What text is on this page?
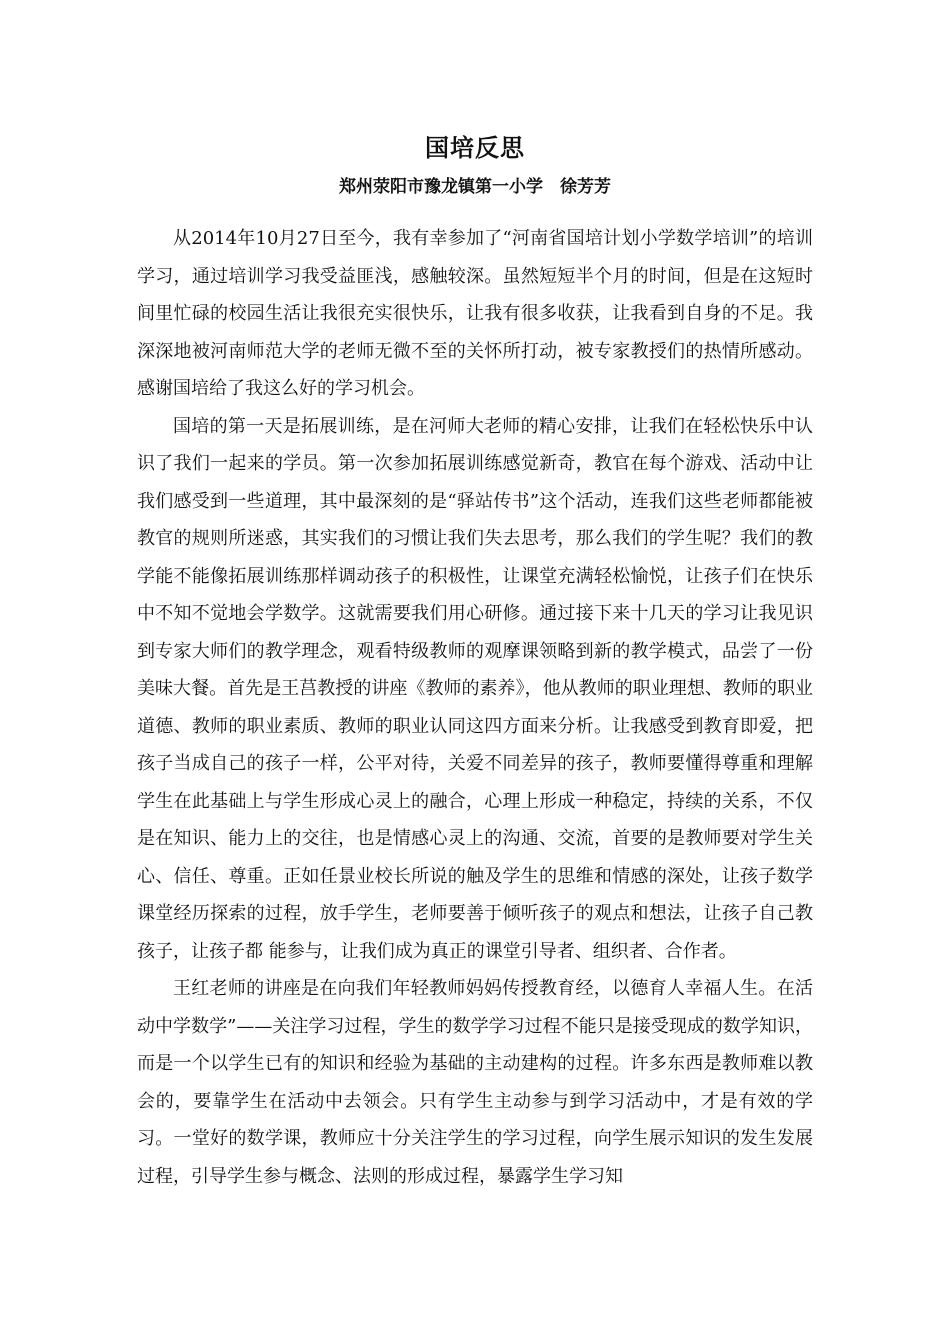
国培反思
郑州荥阳市豫龙镇第一小学　徐芳芳

从2014年10月27日至今，我有幸参加了“河南省国培计划小学数学培训”的培训学习，通过培训学习我受益匪浅，感触较深。虽然短短半个月的时间，但是在这短时间里忙碌的校园生活让我很充实很快乐，让我有很多收获，让我看到自身的不足。我深深地被河南师范大学的老师无微不至的关怀所打动，被专家教授们的热情所感动。感谢国培给了我这么好的学习机会。

国培的第一天是拓展训练，是在河师大老师的精心安排，让我们在轻松快乐中认识了我们一起来的学员。第一次参加拓展训练感觉新奇，教官在每个游戏、活动中让我们感受到一些道理，其中最深刻的是“驿站传书”这个活动，连我们这些老师都能被教官的规则所迷惑，其实我们的习惯让我们失去思考，那么我们的学生呢？我们的教学能不能像拓展训练那样调动孩子的积极性，让课堂充满轻松愉悦，让孩子们在快乐中不知不觉地会学数学。这就需要我们用心研修。通过接下来十几天的学习让我见识到专家大师们的教学理念，观看特级教师的观摩课领略到新的教学模式，品尝了一份美味大餐。首先是王莒教授的讲座《教师的素养》，他从教师的职业理想、教师的职业道德、教师的职业素质、教师的职业认同这四方面来分析。让我感受到教育即爱，把孩子当成自己的孩子一样，公平对待，关爱不同差异的孩子，教师要懂得尊重和理解学生在此基础上与学生形成心灵上的融合，心理上形成一种稳定，持续的关系，不仅是在知识、能力上的交往，也是情感心灵上的沟通、交流，首要的是教师要对学生关心、信任、尊重。正如任景业校长所说的触及学生的思维和情感的深处，让孩子数学课堂经历探索的过程，放手学生，老师要善于倾听孩子的观点和想法，让孩子自己教孩子，让孩子都 能参与，让我们成为真正的课堂引导者、组织者、合作者。

王红老师的讲座是在向我们年轻教师妈妈传授教育经，以德育人幸福人生。在活动中学数学”——关注学习过程，学生的数学学习过程不能只是接受现成的数学知识，而是一个以学生已有的知识和经验为基础的主动建构的过程。许多东西是教师难以教会的，要靠学生在活动中去领会。只有学生主动参与到学习活动中，才是有效的学习。一堂好的数学课，教师应十分关注学生的学习过程，向学生展示知识的发生发展过程，引导学生参与概念、法则的形成过程，暴露学生学习知
